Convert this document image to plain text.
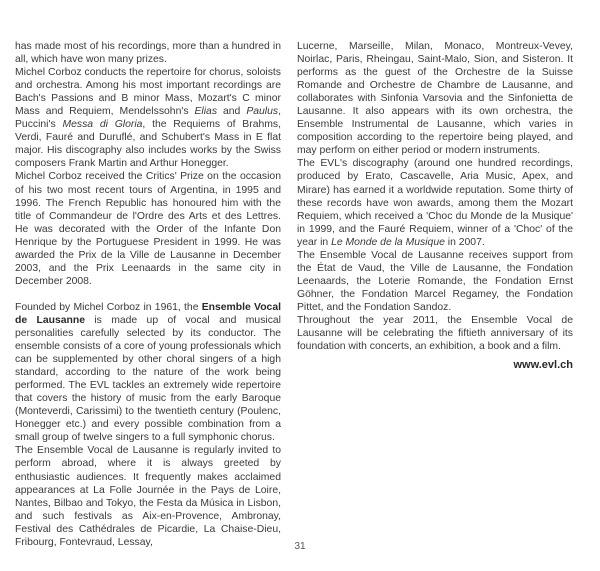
has made most of his recordings, more than a hundred in all, which have won many prizes.

Michel Corboz conducts the repertoire for chorus, soloists and orchestra. Among his most important recordings are Bach's Passions and B minor Mass, Mozart's C minor Mass and Requiem, Mendelssohn's Elias and Paulus, Puccini's Messa di Gloria, the Requiems of Brahms, Verdi, Fauré and Duruflé, and Schubert's Mass in E flat major. His discography also includes works by the Swiss composers Frank Martin and Arthur Honegger.

Michel Corboz received the Critics' Prize on the occasion of his two most recent tours of Argentina, in 1995 and 1996. The French Republic has honoured him with the title of Commandeur de l'Ordre des Arts et des Lettres. He was decorated with the Order of the Infante Don Henrique by the Portuguese President in 1999. He was awarded the Prix de la Ville de Lausanne in December 2003, and the Prix Leenaards in the same city in December 2008.

Founded by Michel Corboz in 1961, the Ensemble Vocal de Lausanne is made up of vocal and musical personalities carefully selected by its conductor. The ensemble consists of a core of young professionals which can be supplemented by other choral singers of a high standard, according to the nature of the work being performed. The EVL tackles an extremely wide repertoire that covers the history of music from the early Baroque (Monteverdi, Carissimi) to the twentieth century (Poulenc, Honegger etc.) and every possible combination from a small group of twelve singers to a full symphonic chorus.

The Ensemble Vocal de Lausanne is regularly invited to perform abroad, where it is always greeted by enthusiastic audiences. It frequently makes acclaimed appearances at La Folle Journée in the Pays de Loire, Nantes, Bilbao and Tokyo, the Festa da Música in Lisbon, and such festivals as Aix-en-Provence, Ambronay, Festival des Cathédrales de Picardie, La Chaise-Dieu, Fribourg, Fontevraud, Lessay,

Lucerne, Marseille, Milan, Monaco, Montreux-Vevey, Noirlac, Paris, Rheingau, Saint-Malo, Sion, and Sisteron. It performs as the guest of the Orchestre de la Suisse Romande and Orchestre de Chambre de Lausanne, and collaborates with Sinfonia Varsovia and the Sinfonietta de Lausanne. It also appears with its own orchestra, the Ensemble Instrumental de Lausanne, which varies in composition according to the repertoire being played, and may perform on either period or modern instruments.

The EVL's discography (around one hundred recordings, produced by Erato, Cascavelle, Aria Music, Apex, and Mirare) has earned it a worldwide reputation. Some thirty of these records have won awards, among them the Mozart Requiem, which received a 'Choc du Monde de la Musique' in 1999, and the Fauré Requiem, winner of a 'Choc' of the year in Le Monde de la Musique in 2007.

The Ensemble Vocal de Lausanne receives support from the État de Vaud, the Ville de Lausanne, the Fondation Leenaards, the Loterie Romande, the Fondation Ernst Göhner, the Fondation Marcel Regamey, the Fondation Pittet, and the Fondation Sandoz.

Throughout the year 2011, the Ensemble Vocal de Lausanne will be celebrating the fiftieth anniversary of its foundation with concerts, an exhibition, a book and a film.

www.evl.ch
31
